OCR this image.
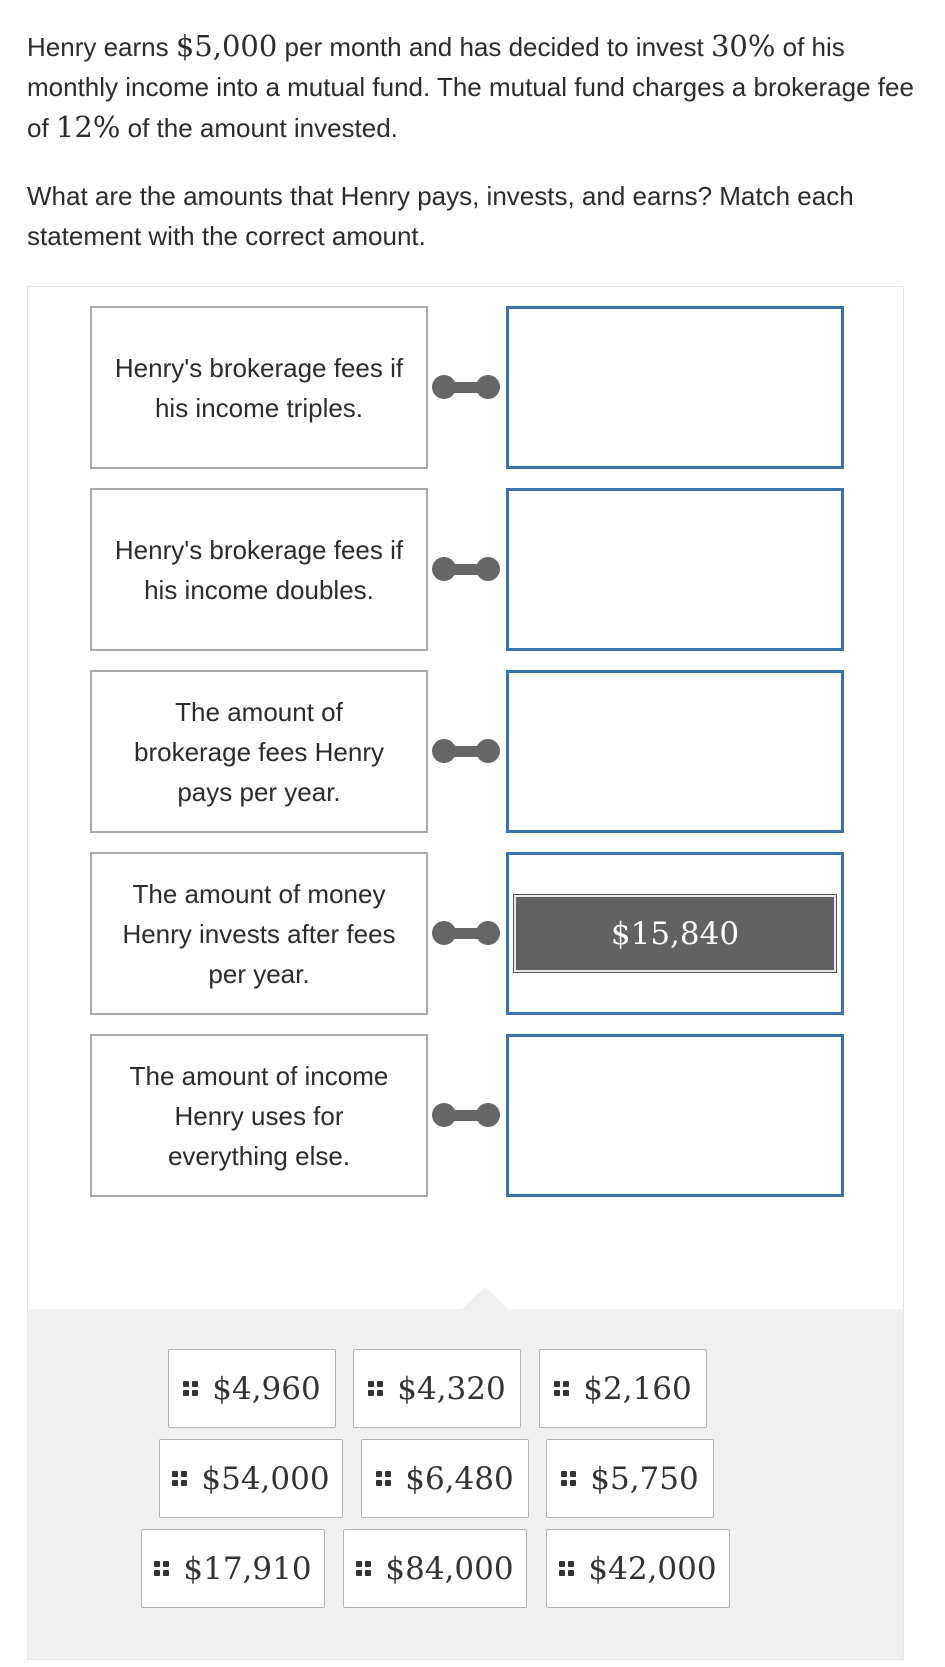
Henry earns $5,000 per month and has decided to invest 30% of his monthly income into a mutual fund. The mutual fund charges a brokerage fee of 12% of the amount invested.

What are the amounts that Henry pays, invests, and earns? Match each statement with the correct amount.

Henry's brokerage fees if his income triples.
Henry's brokerage fees if his income doubles.
The amount of brokerage fees Henry pays per year.
The amount of money Henry invests after fees per year.
$15,840
The amount of income Henry uses for everything else.
$4,960 $4,320	$2,160
$54,000 $6,480 $5,750
$17,910 $84,000 $42,000
